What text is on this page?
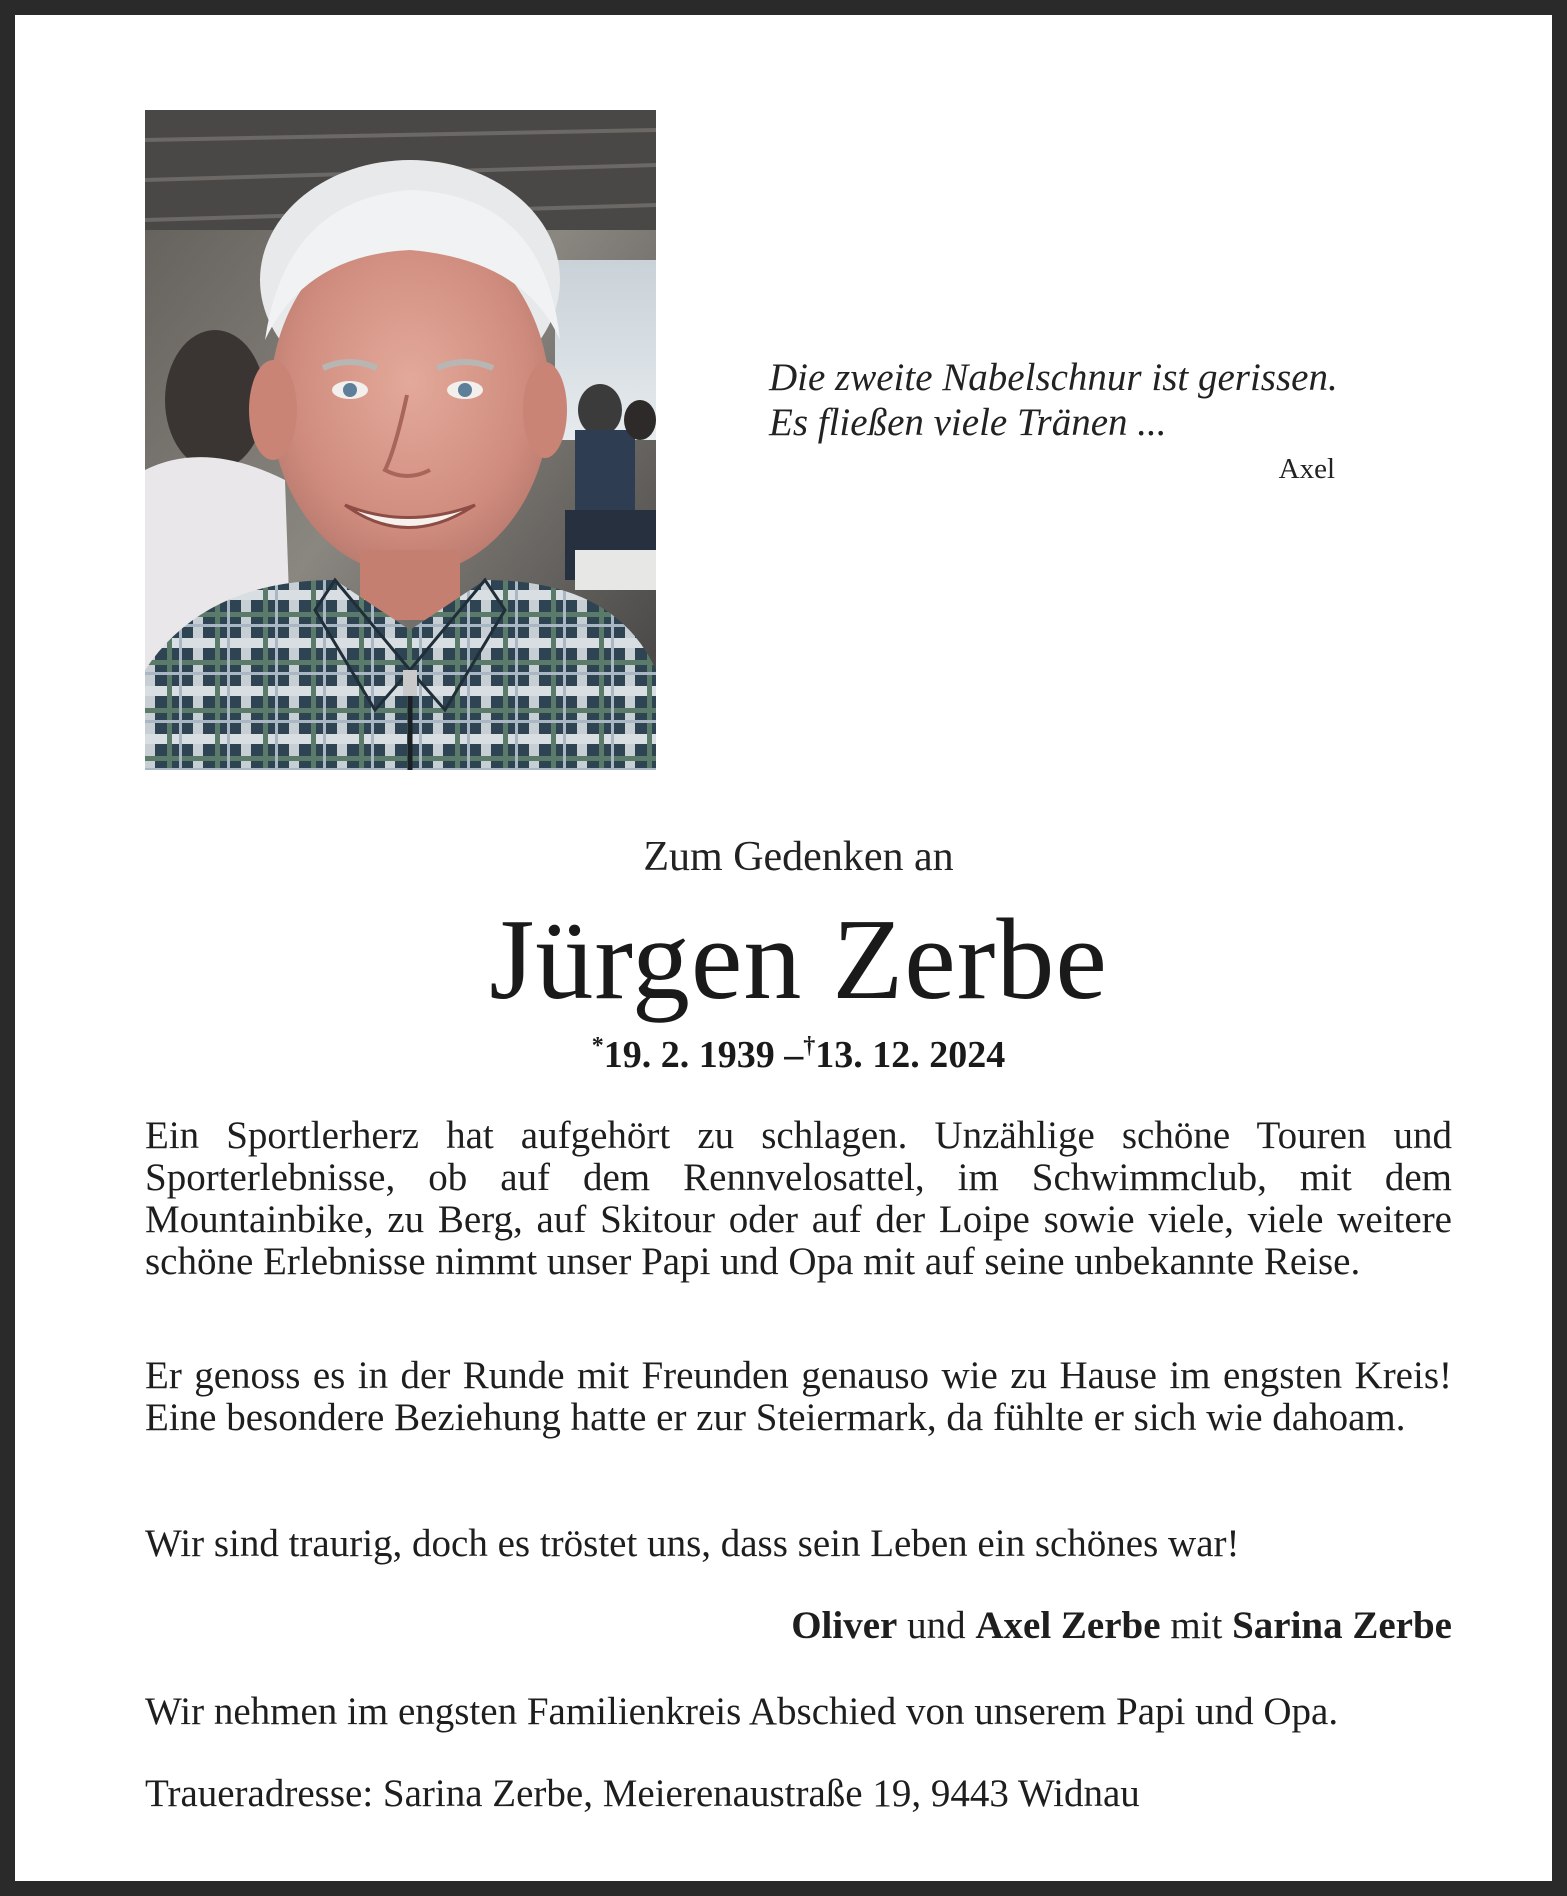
Die zweite Nabelschnur ist gerissen.
Es fließen viele Tränen ...
Axel
Zum Gedenken an
Jürgen Zerbe
*19. 2. 1939 –†13. 12. 2024
Ein Sportlerherz hat aufgehört zu schlagen. Unzählige schöne Touren und Sporterlebnisse, ob auf dem Rennvelosattel, im Schwimmclub, mit dem Mountainbike, zu Berg, auf Skitour oder auf der Loipe sowie viele, viele weitere schöne Erlebnisse nimmt unser Papi und Opa mit auf seine unbekannte Reise.
Er genoss es in der Runde mit Freunden genauso wie zu Hause im engsten Kreis! Eine besondere Beziehung hatte er zur Steiermark, da fühlte er sich wie dahoam.
Wir sind traurig, doch es tröstet uns, dass sein Leben ein schönes war!
Oliver und Axel Zerbe mit Sarina Zerbe
Wir nehmen im engsten Familienkreis Abschied von unserem Papi und Opa.
Traueradresse: Sarina Zerbe, Meierenaustraße 19, 9443 Widnau
